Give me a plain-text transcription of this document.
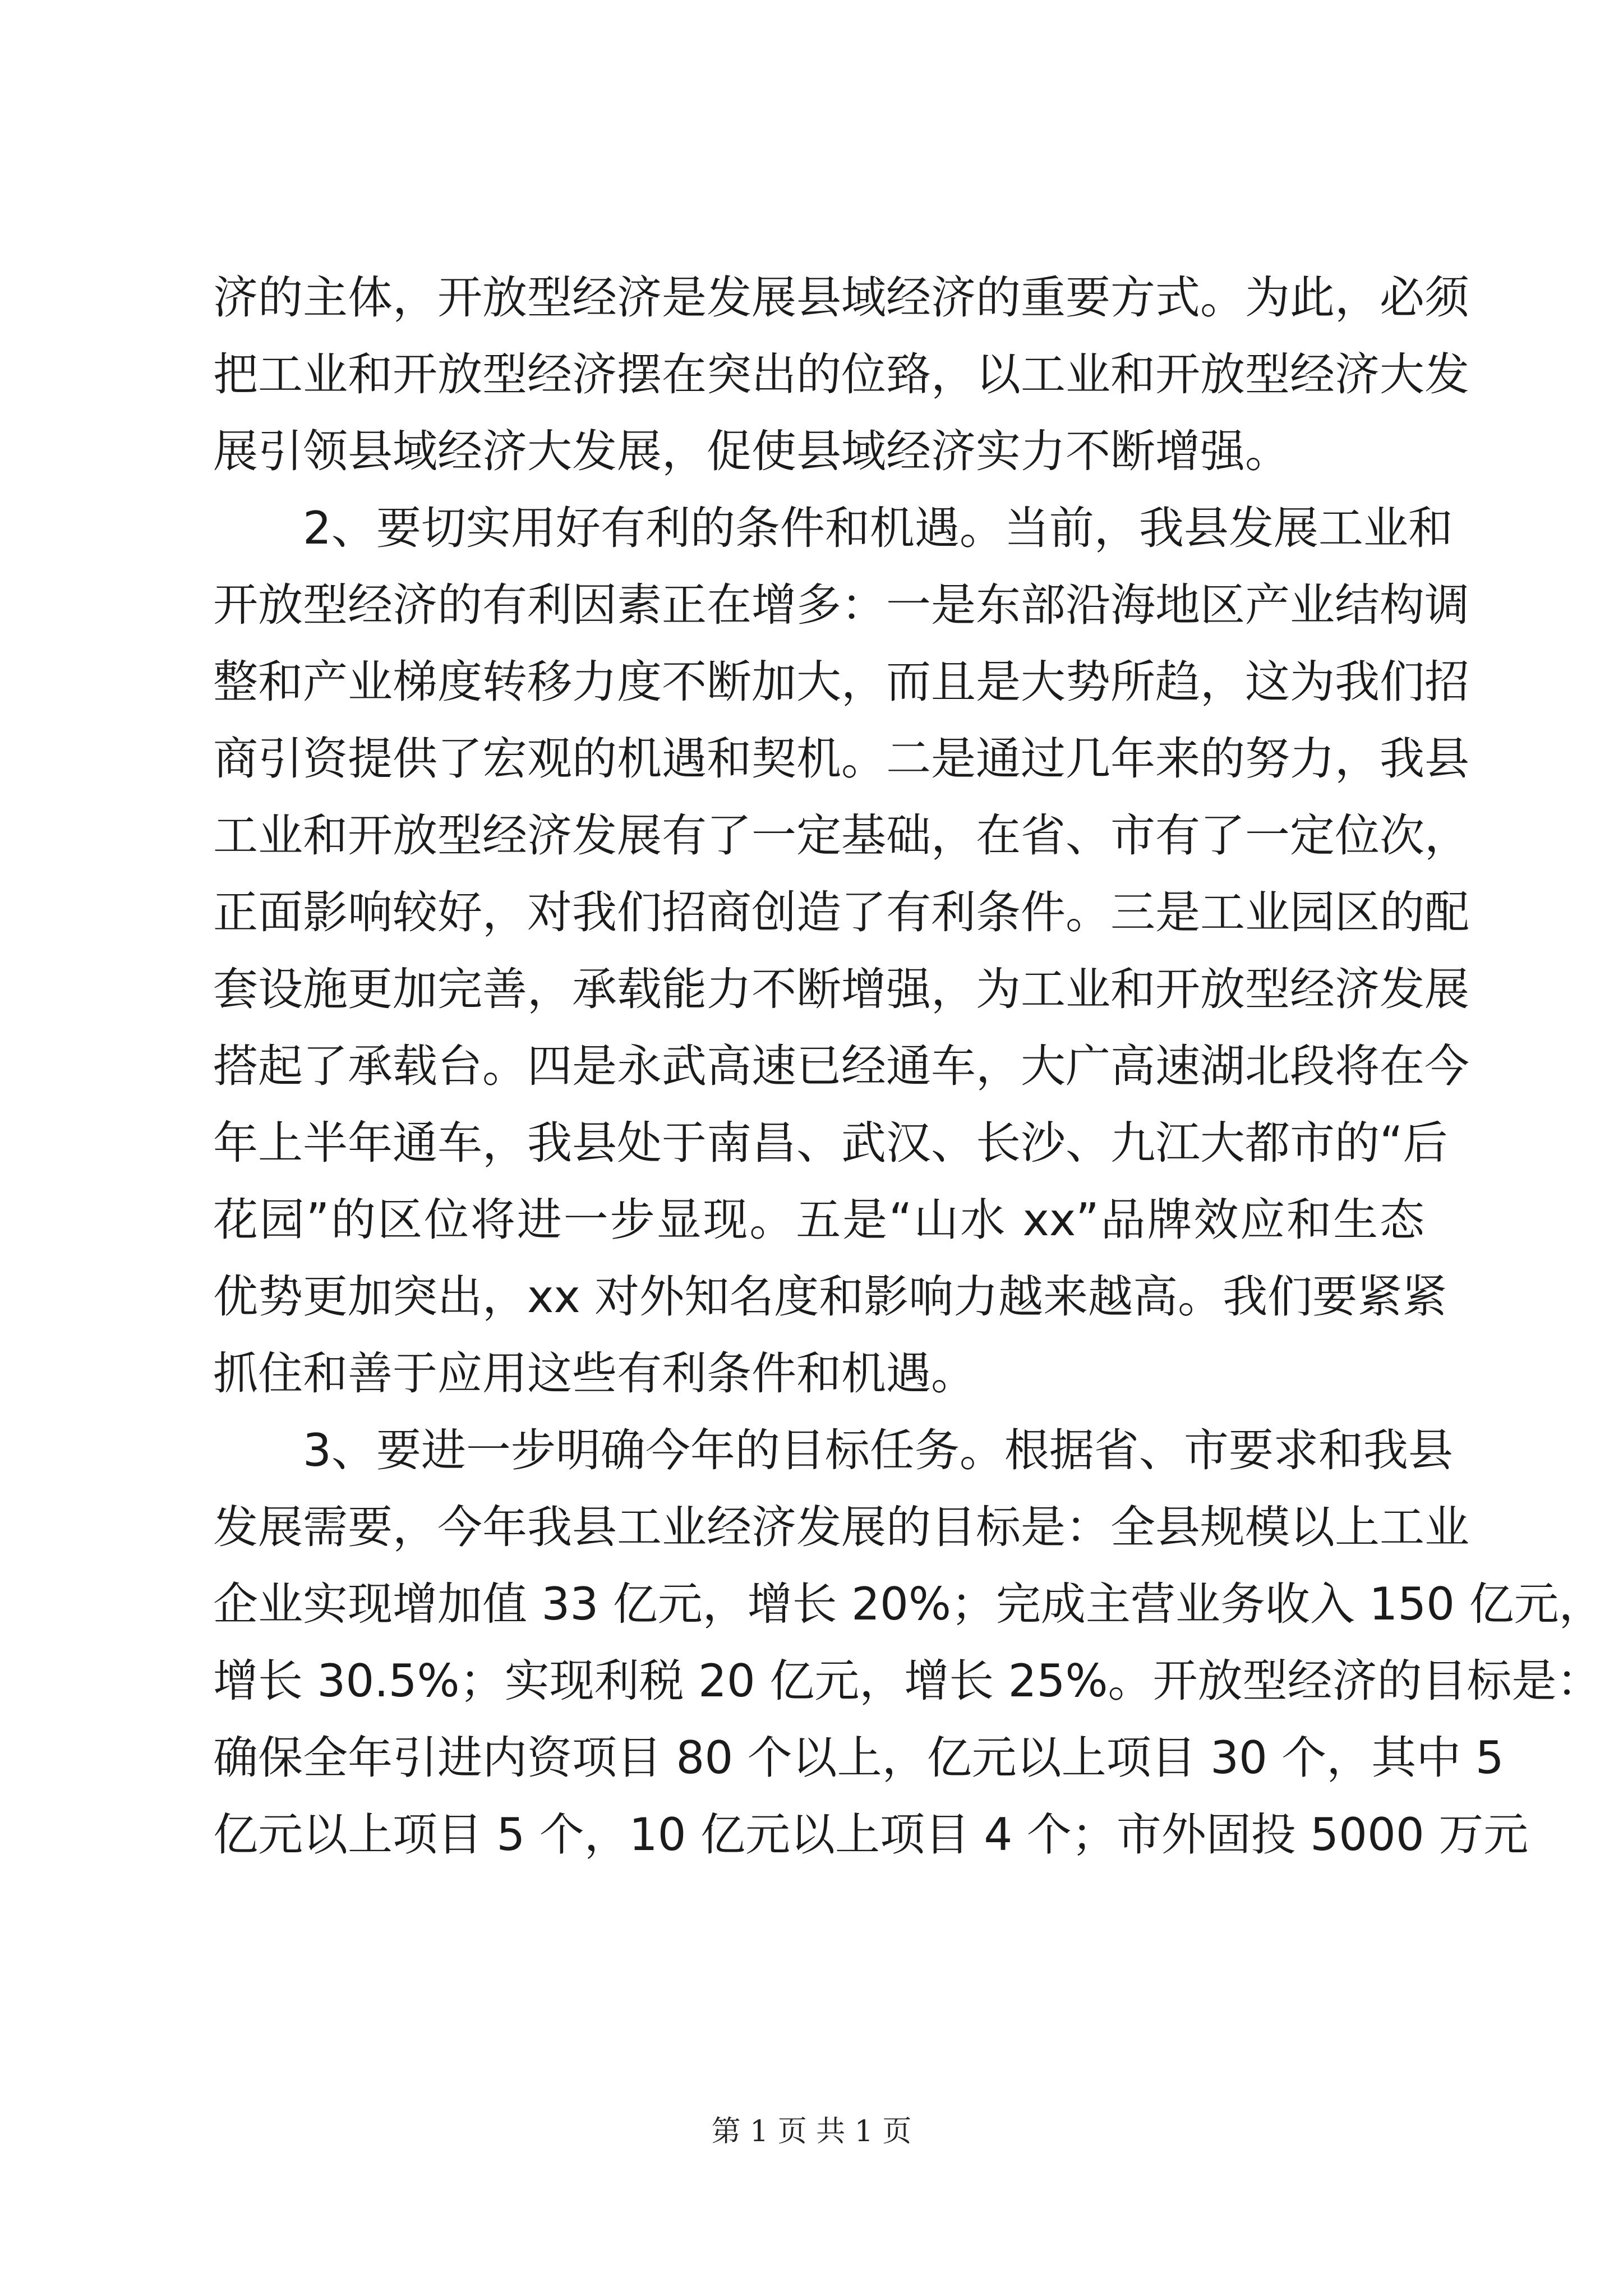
济的主体，开放型经济是发展县域经济的重要方式。为此，必须

把工业和开放型经济摆在突出的位臵，以工业和开放型经济大发

展引领县域经济大发展，促使县域经济实力不断增强。

2、要切实用好有利的条件和机遇。当前，我县发展工业和

开放型经济的有利因素正在增多：一是东部沿海地区产业结构调

整和产业梯度转移力度不断加大，而且是大势所趋，这为我们招

商引资提供了宏观的机遇和契机。二是通过几年来的努力，我县

工业和开放型经济发展有了一定基础，在省、市有了一定位次，

正面影响较好，对我们招商创造了有利条件。三是工业园区的配

套设施更加完善，承载能力不断增强，为工业和开放型经济发展

搭起了承载台。四是永武高速已经通车，大广高速湖北段将在今

年上半年通车，我县处于南昌、武汉、长沙、九江大都市的“后

花园”的区位将进一步显现。五是“山水 xx”品牌效应和生态

优势更加突出，xx 对外知名度和影响力越来越高。我们要紧紧

抓住和善于应用这些有利条件和机遇。

3、要进一步明确今年的目标任务。根据省、市要求和我县

发展需要，今年我县工业经济发展的目标是：全县规模以上工业

企业实现增加值 33 亿元，增长 20%；完成主营业务收入 150 亿元，

增长 30.5%；实现利税 20 亿元，增长 25%。开放型经济的目标是：

确保全年引进内资项目 80 个以上，亿元以上项目 30 个，其中 5

亿元以上项目 5 个，10 亿元以上项目 4 个；市外固投 5000 万元

第 1 页 共 1 页
